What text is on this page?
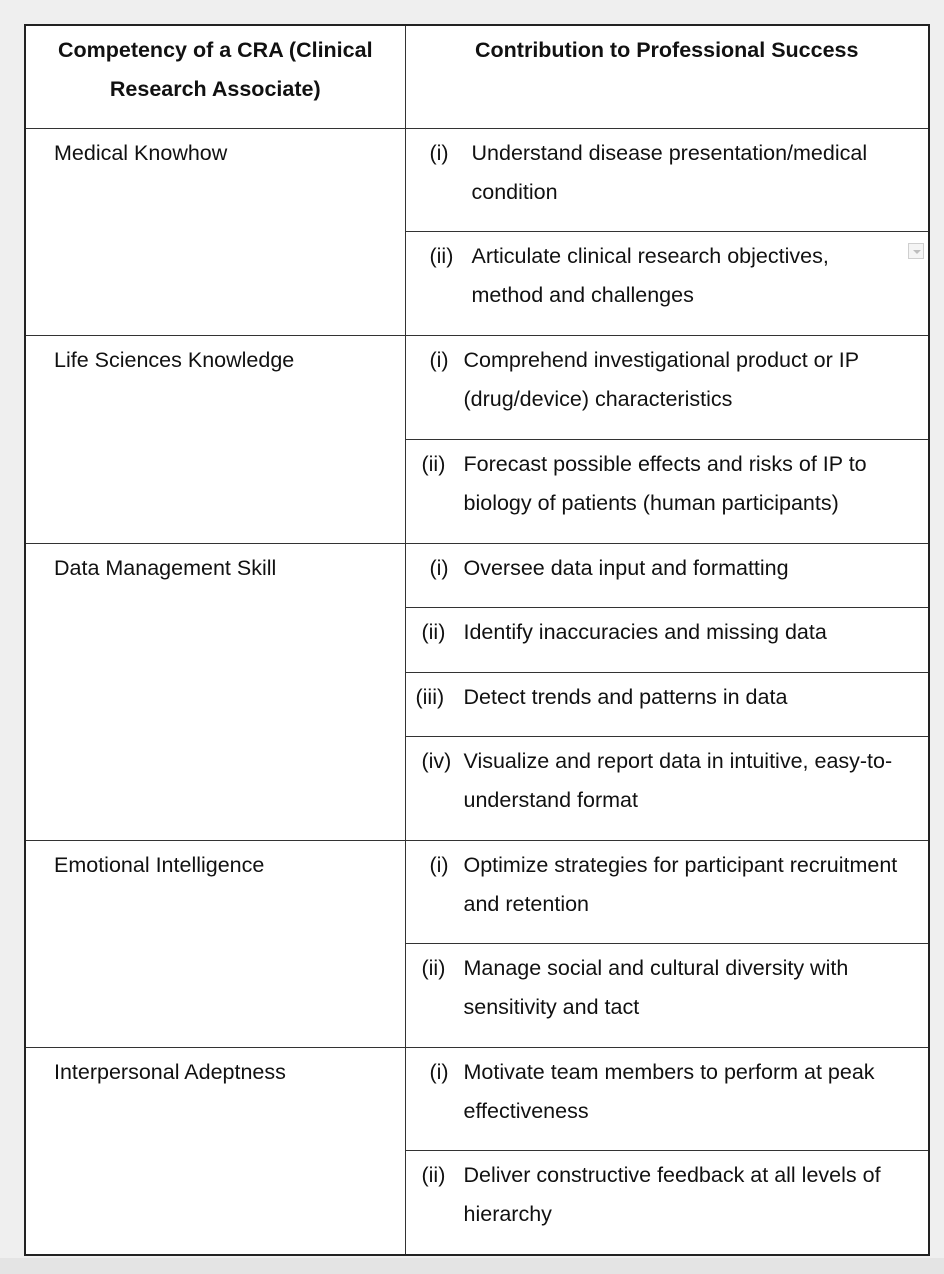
Competency of a CRA (Clinical Research Associate)	Contribution to Professional Success
Medical Knowhow	(i) Understand disease presentation/medical condition

	(ii) Articulate clinical research objectives, method and challenges

Life Sciences Knowledge	(i) Comprehend investigational product or IP (drug/device) characteristics

	(ii) Forecast possible effects and risks of IP to biology of patients (human participants)

Data Management Skill	(i) Oversee data input and formatting

	(ii) Identify inaccuracies and missing data

	(iii) Detect trends and patterns in data

	(iv) Visualize and report data in intuitive, easy-to-understand format

Emotional Intelligence	(i) Optimize strategies for participant recruitment and retention

	(ii) Manage social and cultural diversity with sensitivity and tact

Interpersonal Adeptness	(i) Motivate team members to perform at peak effectiveness

	(ii) Deliver constructive feedback at all levels of hierarchy
